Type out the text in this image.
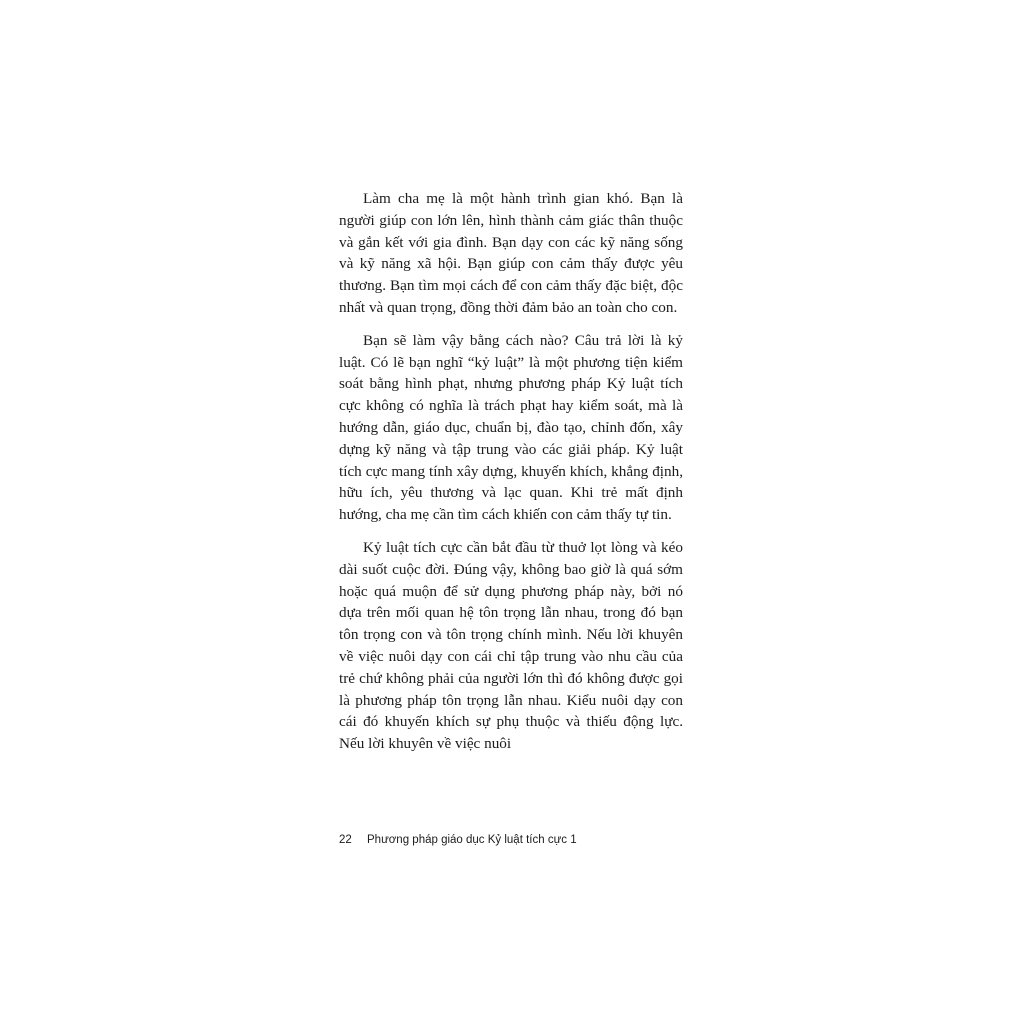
Làm cha mẹ là một hành trình gian khó. Bạn là người giúp con lớn lên, hình thành cảm giác thân thuộc và gắn kết với gia đình. Bạn dạy con các kỹ năng sống và kỹ năng xã hội. Bạn giúp con cảm thấy được yêu thương. Bạn tìm mọi cách để con cảm thấy đặc biệt, độc nhất và quan trọng, đồng thời đảm bảo an toàn cho con.

Bạn sẽ làm vậy bằng cách nào? Câu trả lời là kỷ luật. Có lẽ bạn nghĩ “kỷ luật” là một phương tiện kiểm soát bằng hình phạt, nhưng phương pháp Kỷ luật tích cực không có nghĩa là trách phạt hay kiểm soát, mà là hướng dẫn, giáo dục, chuẩn bị, đào tạo, chỉnh đốn, xây dựng kỹ năng và tập trung vào các giải pháp. Kỷ luật tích cực mang tính xây dựng, khuyến khích, khẳng định, hữu ích, yêu thương và lạc quan. Khi trẻ mất định hướng, cha mẹ cần tìm cách khiến con cảm thấy tự tin.

Kỷ luật tích cực cần bắt đầu từ thuở lọt lòng và kéo dài suốt cuộc đời. Đúng vậy, không bao giờ là quá sớm hoặc quá muộn để sử dụng phương pháp này, bởi nó dựa trên mối quan hệ tôn trọng lẫn nhau, trong đó bạn tôn trọng con và tôn trọng chính mình. Nếu lời khuyên về việc nuôi dạy con cái chỉ tập trung vào nhu cầu của trẻ chứ không phải của người lớn thì đó không được gọi là phương pháp tôn trọng lẫn nhau. Kiểu nuôi dạy con cái đó khuyến khích sự phụ thuộc và thiếu động lực. Nếu lời khuyên về việc nuôi

22 Phương pháp giáo dục Kỷ luật tích cực 1
